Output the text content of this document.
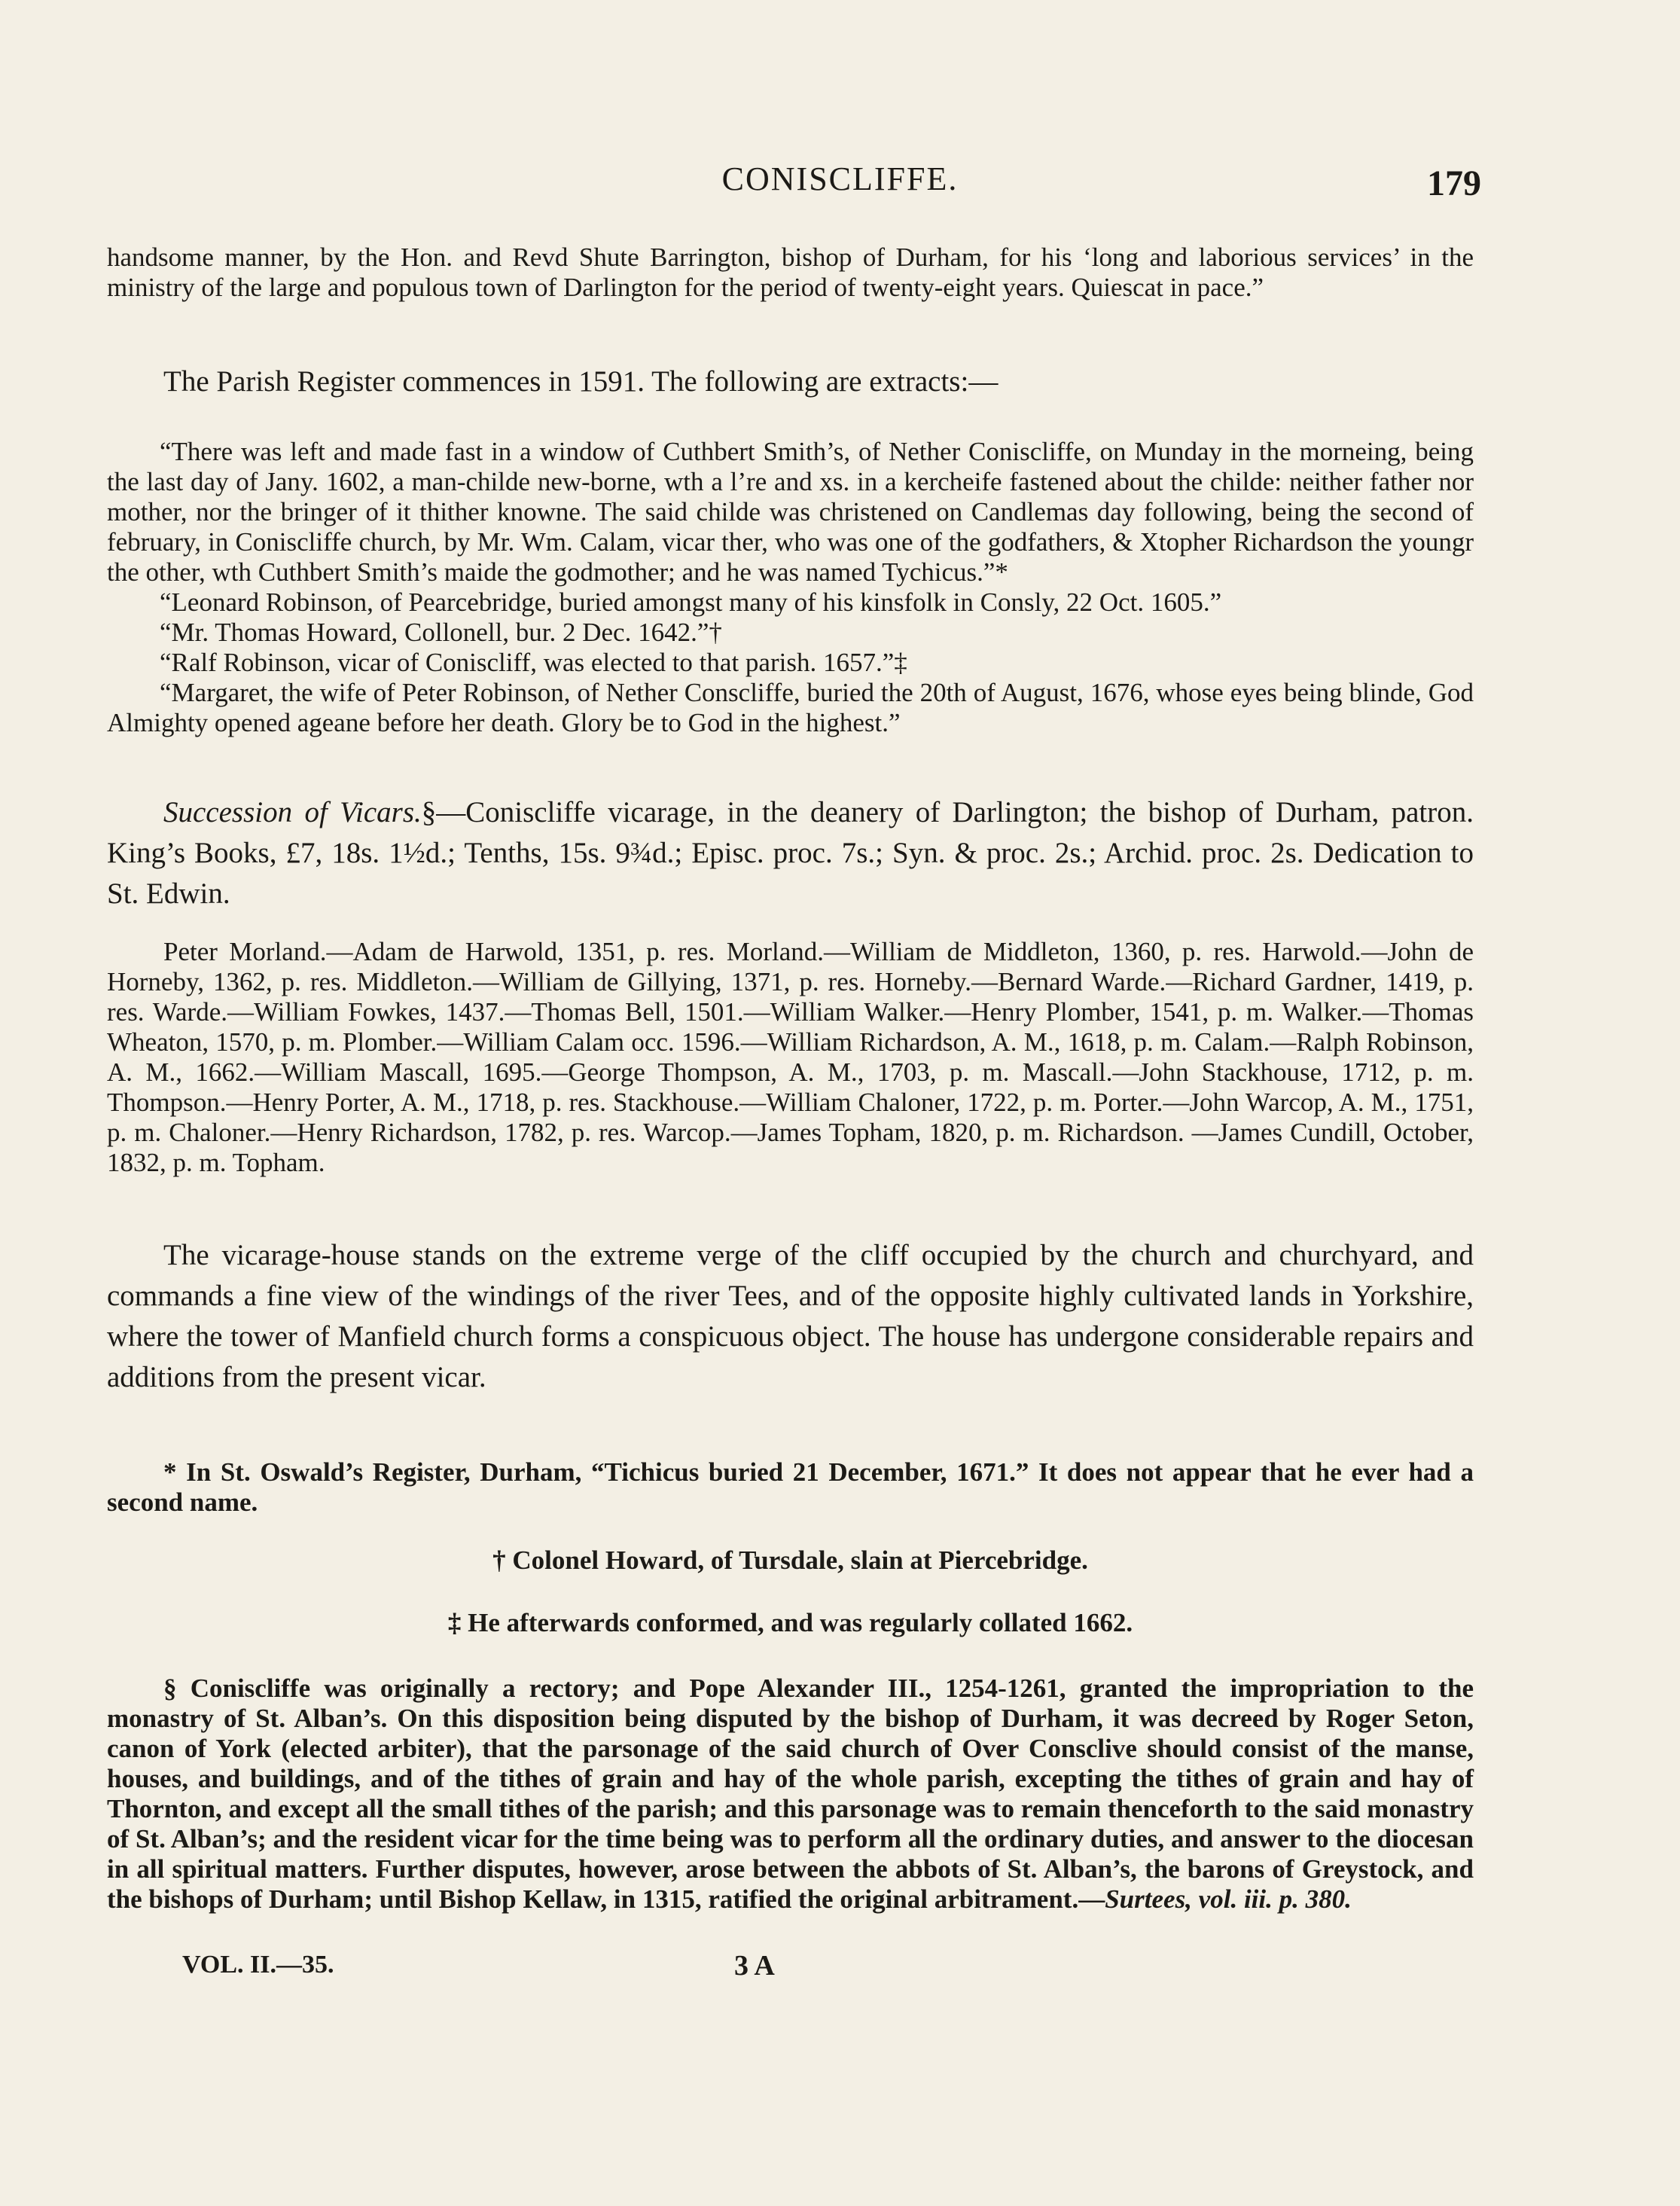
CONISCLIFFE.	179

handsome manner, by the Hon. and Revd Shute Barrington, bishop of Durham, for his ‘long and laborious services’ in the ministry of the large and populous town of Darlington for the period of twenty-eight years. Quiescat in pace.”

The Parish Register commences in 1591. The following are extracts:—

“There was left and made fast in a window of Cuthbert Smith’s, of Nether Coniscliffe, on Munday in the morneing, being the last day of Jany. 1602, a man-childe new-borne, wth a l’re and xs. in a kercheife fastened about the childe: neither father nor mother, nor the bringer of it thither knowne. The said childe was christened on Candlemas day following, being the second of february, in Coniscliffe church, by Mr. Wm. Calam, vicar ther, who was one of the godfathers, & Xtopher Richardson the youngr the other, wth Cuthbert Smith’s maide the godmother; and he was named Tychicus.”*

“Leonard Robinson, of Pearcebridge, buried amongst many of his kinsfolk in Consly, 22 Oct. 1605.”

“Mr. Thomas Howard, Collonell, bur. 2 Dec. 1642.”†

“Ralf Robinson, vicar of Coniscliff, was elected to that parish. 1657.”‡

“Margaret, the wife of Peter Robinson, of Nether Conscliffe, buried the 20th of August, 1676, whose eyes being blinde, God Almighty opened ageane before her death. Glory be to God in the highest.”

Succession of Vicars.§—Coniscliffe vicarage, in the deanery of Darlington; the bishop of Durham, patron. King’s Books, £7, 18s. 1½d.; Tenths, 15s. 9¾d.; Episc. proc. 7s.; Syn. & proc. 2s.; Archid. proc. 2s. Dedication to St. Edwin.

Peter Morland.—Adam de Harwold, 1351, p. res. Morland.—William de Middleton, 1360, p. res. Harwold.—John de Horneby, 1362, p. res. Middleton.—William de Gillying, 1371, p. res. Horneby.—Bernard Warde.—Richard Gardner, 1419, p. res. Warde.—William Fowkes, 1437.—Thomas Bell, 1501.—William Walker.—Henry Plomber, 1541, p. m. Walker.—Thomas Wheaton, 1570, p. m. Plomber.—William Calam occ. 1596.—William Richardson, A. M., 1618, p. m. Calam.—Ralph Robinson, A. M., 1662.—William Mascall, 1695.—George Thompson, A. M., 1703, p. m. Mascall.—John Stackhouse, 1712, p. m. Thompson.—Henry Porter, A. M., 1718, p. res. Stackhouse.—William Chaloner, 1722, p. m. Porter.—John Warcop, A. M., 1751, p. m. Chaloner.—Henry Richardson, 1782, p. res. Warcop.—James Topham, 1820, p. m. Richardson. —James Cundill, October, 1832, p. m. Topham.

The vicarage-house stands on the extreme verge of the cliff occupied by the church and churchyard, and commands a fine view of the windings of the river Tees, and of the opposite highly cultivated lands in Yorkshire, where the tower of Manfield church forms a conspicuous object. The house has undergone considerable repairs and additions from the present vicar.

* In St. Oswald’s Register, Durham, “Tichicus buried 21 December, 1671.” It does not appear that he ever had a second name.

† Colonel Howard, of Tursdale, slain at Piercebridge.

‡ He afterwards conformed, and was regularly collated 1662.

§ Coniscliffe was originally a rectory; and Pope Alexander III., 1254-1261, granted the impropriation to the monastry of St. Alban’s. On this disposition being disputed by the bishop of Durham, it was decreed by Roger Seton, canon of York (elected arbiter), that the parsonage of the said church of Over Consclive should consist of the manse, houses, and buildings, and of the tithes of grain and hay of the whole parish, excepting the tithes of grain and hay of Thornton, and except all the small tithes of the parish; and this parsonage was to remain thenceforth to the said monastry of St. Alban’s; and the resident vicar for the time being was to perform all the ordinary duties, and answer to the diocesan in all spiritual matters. Further disputes, however, arose between the abbots of St. Alban’s, the barons of Greystock, and the bishops of Durham; until Bishop Kellaw, in 1315, ratified the original arbitrament.—Surtees, vol. iii. p. 380.

VOL. II.—35.	3 A
